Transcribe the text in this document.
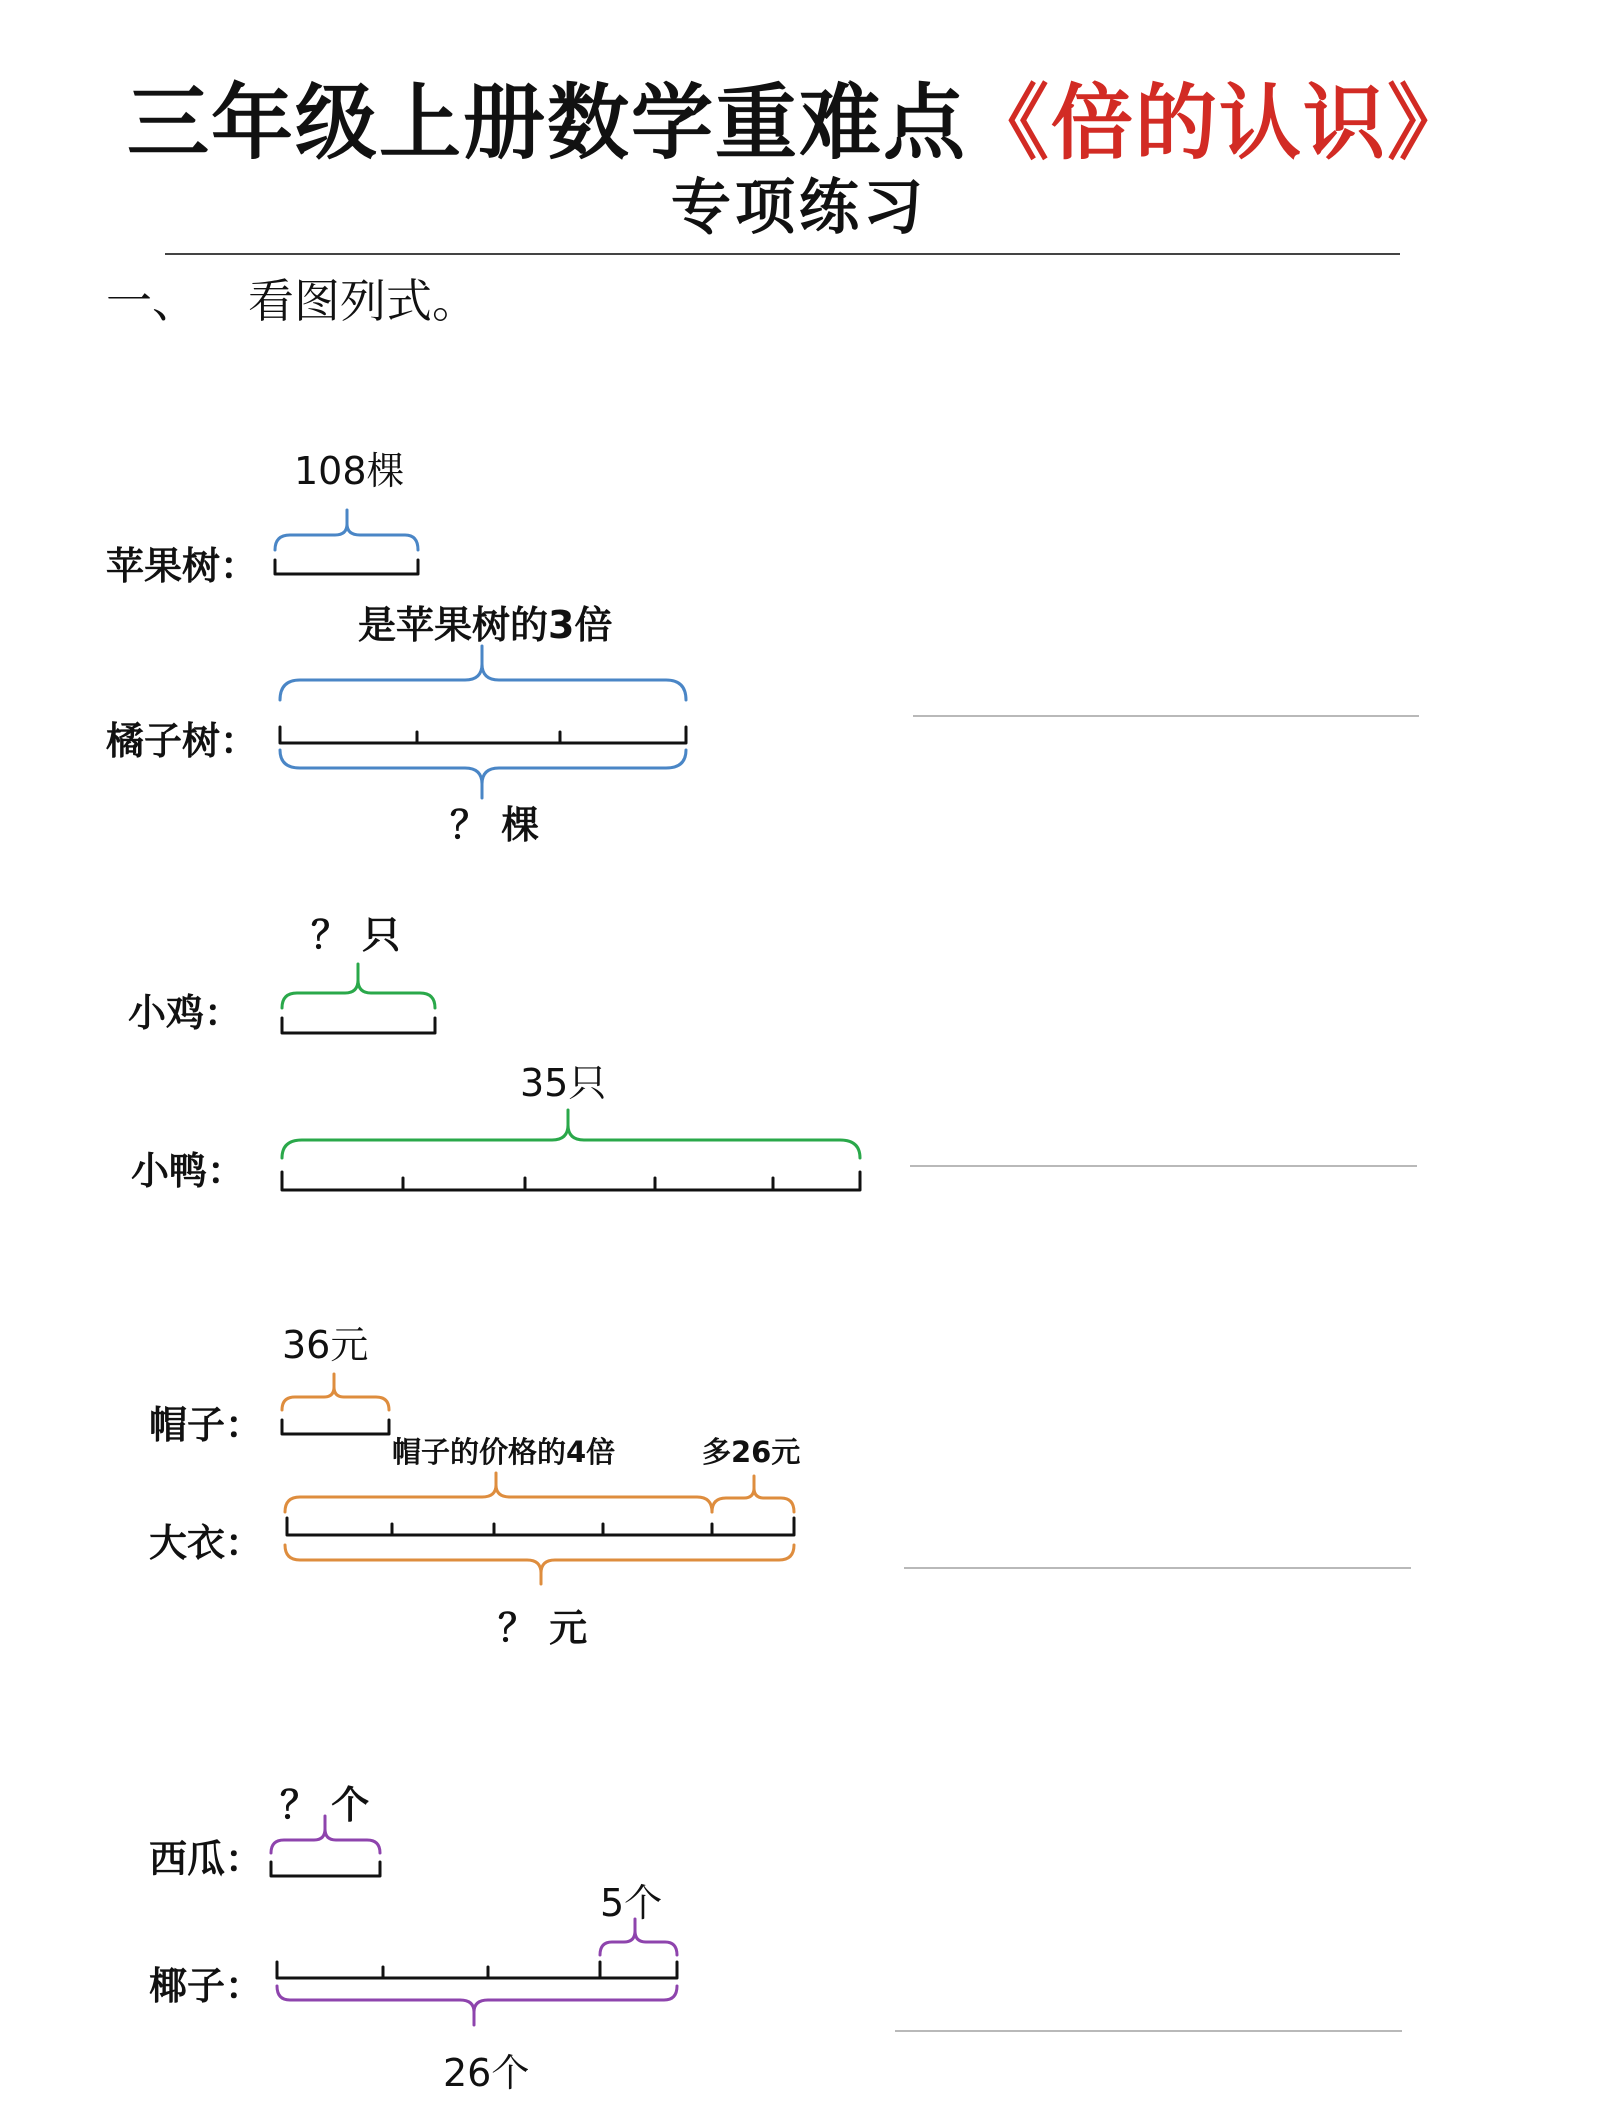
三年级上册数学重难点《倍的认识》
专项练习
一、 看图列式。
108棵
苹果树：
是苹果树的3倍
橘子树：
？ 棵
？ 只
小鸡：
35只
小鸭：
36元
帽子：
帽子的价格的4倍	多26元
大衣：
？ 元
？ 个
西瓜：
5个
椰子：
26个
